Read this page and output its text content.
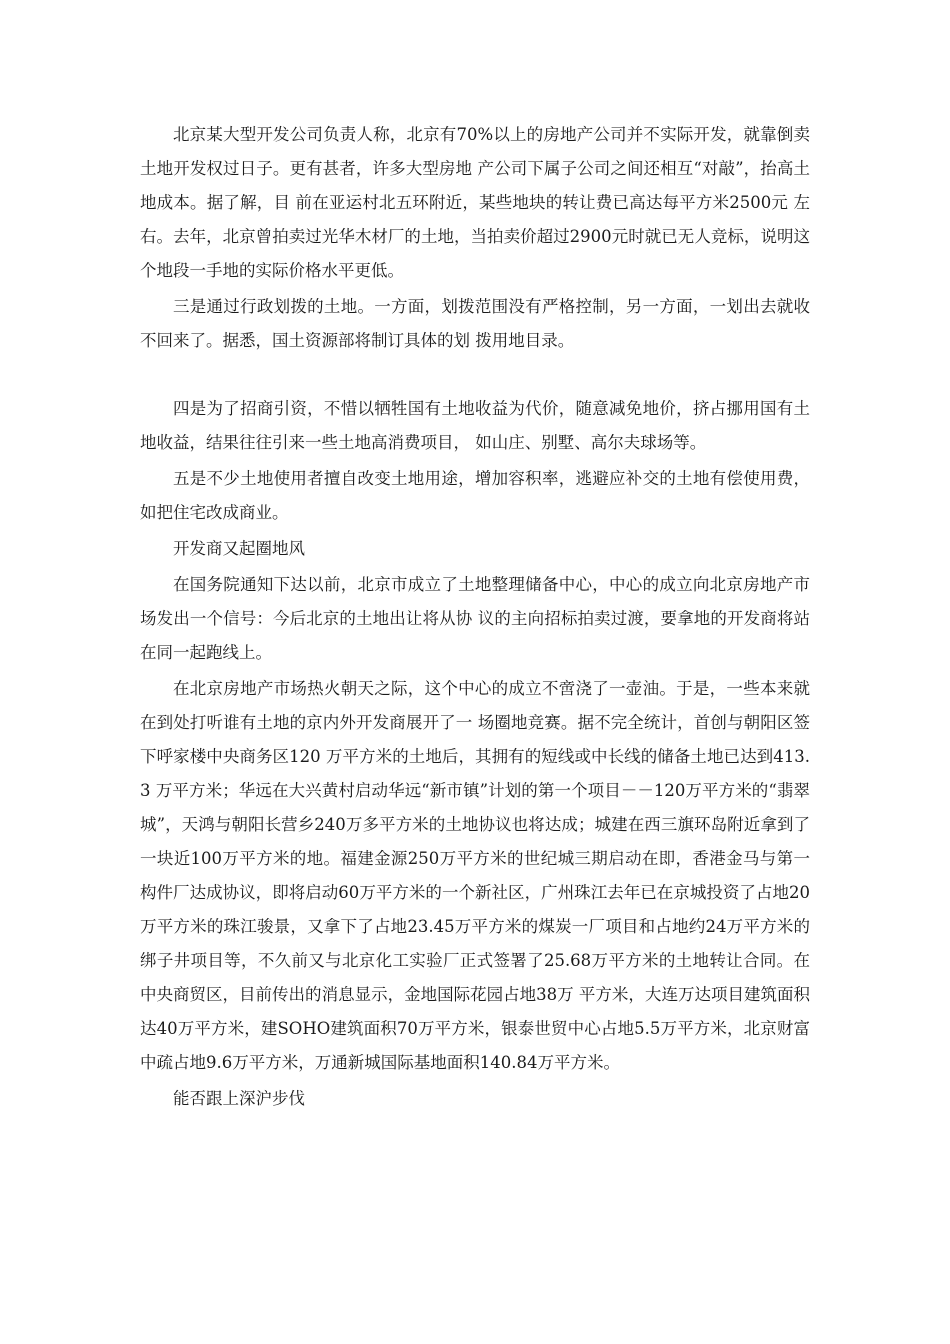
北京某大型开发公司负责人称，北京有70%以上的房地产公司并不实际开发，就靠倒卖土地开发权过日子。更有甚者，许多大型房地 产公司下属子公司之间还相互“对敲”，抬高土地成本。据了解，目 前在亚运村北五环附近，某些地块的转让费已高达每平方米2500元 左右。去年，北京曾拍卖过光华木材厂的土地，当拍卖价超过2900元时就已无人竞标，说明这个地段一手地的实际价格水平更低。

三是通过行政划拨的土地。一方面，划拨范围没有严格控制，另一方面，一划出去就收不回来了。据悉，国土资源部将制订具体的划 拨用地目录。

四是为了招商引资，不惜以牺牲国有土地收益为代价，随意减免地价，挤占挪用国有土地收益，结果往往引来一些土地高消费项目， 如山庄、别墅、高尔夫球场等。

五是不少土地使用者擅自改变土地用途，增加容积率，逃避应补交的土地有偿使用费，如把住宅改成商业。

开发商又起圈地风

在国务院通知下达以前，北京市成立了土地整理储备中心，中心的成立向北京房地产市场发出一个信号：今后北京的土地出让将从协 议的主向招标拍卖过渡，要拿地的开发商将站在同一起跑线上。

在北京房地产市场热火朝天之际，这个中心的成立不啻浇了一壶油。于是，一些本来就在到处打听谁有土地的京内外开发商展开了一 场圈地竞赛。据不完全统计，首创与朝阳区签下呼家楼中央商务区120 万平方米的土地后，其拥有的短线或中长线的储备土地已达到413.3 万平方米；华远在大兴黄村启动华远“新市镇”计划的第一个项目－－120万平方米的“翡翠城”，天鸿与朝阳长营乡240万多平方米的土地协议也将达成；城建在西三旗环岛附近拿到了一块近100万平方米的地。福建金源250万平方米的世纪城三期启动在即，香港金马与第一构件厂达成协议，即将启动60万平方米的一个新社区，广州珠江去年已在京城投资了占地20万平方米的珠江骏景，又拿下了占地23.45万平方米的煤炭一厂项目和占地约24万平方米的绑子井项目等，不久前又与北京化工实验厂正式签署了25.68万平方米的土地转让合同。在中央商贸区，目前传出的消息显示，金地国际花园占地38万 平方米，大连万达项目建筑面积达40万平方米，建SOHO建筑面积70万平方米，银泰世贸中心占地5.5万平方米，北京财富中疏占地9.6万平方米，万通新城国际基地面积140.84万平方米。

能否跟上深沪步伐
